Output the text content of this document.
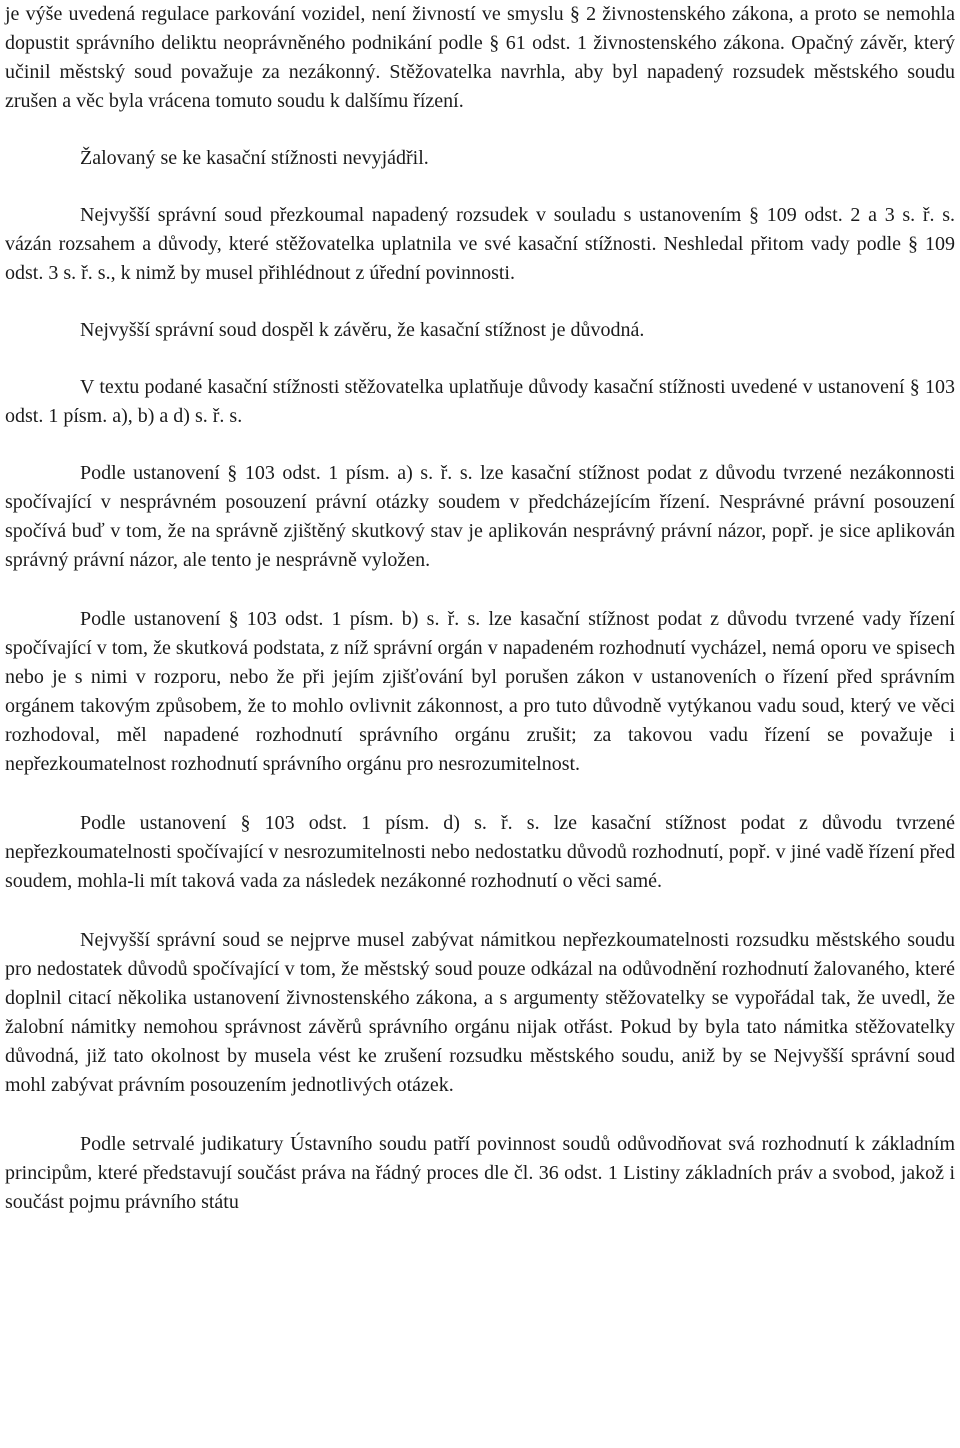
je výše uvedená regulace parkování vozidel, není živností ve smyslu § 2 živnostenského zákona, a proto se nemohla dopustit správního deliktu neoprávněného podnikání podle § 61 odst. 1 živnostenského zákona. Opačný závěr, který učinil městský soud považuje za nezákonný. Stěžovatelka navrhla, aby byl napadený rozsudek městského soudu zrušen a věc byla vrácena tomuto soudu k dalšímu řízení.

Žalovaný se ke kasační stížnosti nevyjádřil.

Nejvyšší správní soud přezkoumal napadený rozsudek v souladu s ustanovením § 109 odst. 2 a 3 s. ř. s. vázán rozsahem a důvody, které stěžovatelka uplatnila ve své kasační stížnosti. Neshledal přitom vady podle § 109 odst. 3 s. ř. s., k nimž by musel přihlédnout z úřední povinnosti.

Nejvyšší správní soud dospěl k závěru, že kasační stížnost je důvodná.

V textu podané kasační stížnosti stěžovatelka uplatňuje důvody kasační stížnosti uvedené v ustanovení § 103 odst. 1 písm. a), b) a d) s. ř. s.

Podle ustanovení § 103 odst. 1 písm. a) s. ř. s. lze kasační stížnost podat z důvodu tvrzené nezákonnosti spočívající v nesprávném posouzení právní otázky soudem v předcházejícím řízení. Nesprávné právní posouzení spočívá buď v tom, že na správně zjištěný skutkový stav je aplikován nesprávný právní názor, popř. je sice aplikován správný právní názor, ale tento je nesprávně vyložen.

Podle ustanovení § 103 odst. 1 písm. b) s. ř. s. lze kasační stížnost podat z důvodu tvrzené vady řízení spočívající v tom, že skutková podstata, z níž správní orgán v napadeném rozhodnutí vycházel, nemá oporu ve spisech nebo je s nimi v rozporu, nebo že při jejím zjišťování byl porušen zákon v ustanoveních o řízení před správním orgánem takovým způsobem, že to mohlo ovlivnit zákonnost, a pro tuto důvodně vytýkanou vadu soud, který ve věci rozhodoval, měl napadené rozhodnutí správního orgánu zrušit; za takovou vadu řízení se považuje i nepřezkoumatelnost rozhodnutí správního orgánu pro nesrozumitelnost.

Podle ustanovení § 103 odst. 1 písm. d) s. ř. s. lze kasační stížnost podat z důvodu tvrzené nepřezkoumatelnosti spočívající v nesrozumitelnosti nebo nedostatku důvodů rozhodnutí, popř. v jiné vadě řízení před soudem, mohla-li mít taková vada za následek nezákonné rozhodnutí o věci samé.

Nejvyšší správní soud se nejprve musel zabývat námitkou nepřezkoumatelnosti rozsudku městského soudu pro nedostatek důvodů spočívající v tom, že městský soud pouze odkázal na odůvodnění rozhodnutí žalovaného, které doplnil citací několika ustanovení živnostenského zákona, a s argumenty stěžovatelky se vypořádal tak, že uvedl, že žalobní námitky nemohou správnost závěrů správního orgánu nijak otřást. Pokud by byla tato námitka stěžovatelky důvodná, již tato okolnost by musela vést ke zrušení rozsudku městského soudu, aniž by se Nejvyšší správní soud mohl zabývat právním posouzením jednotlivých otázek.

Podle setrvalé judikatury Ústavního soudu patří povinnost soudů odůvodňovat svá rozhodnutí k základním principům, které představují součást práva na řádný proces dle čl. 36 odst. 1 Listiny základních práv a svobod, jakož i součást pojmu právního státu
